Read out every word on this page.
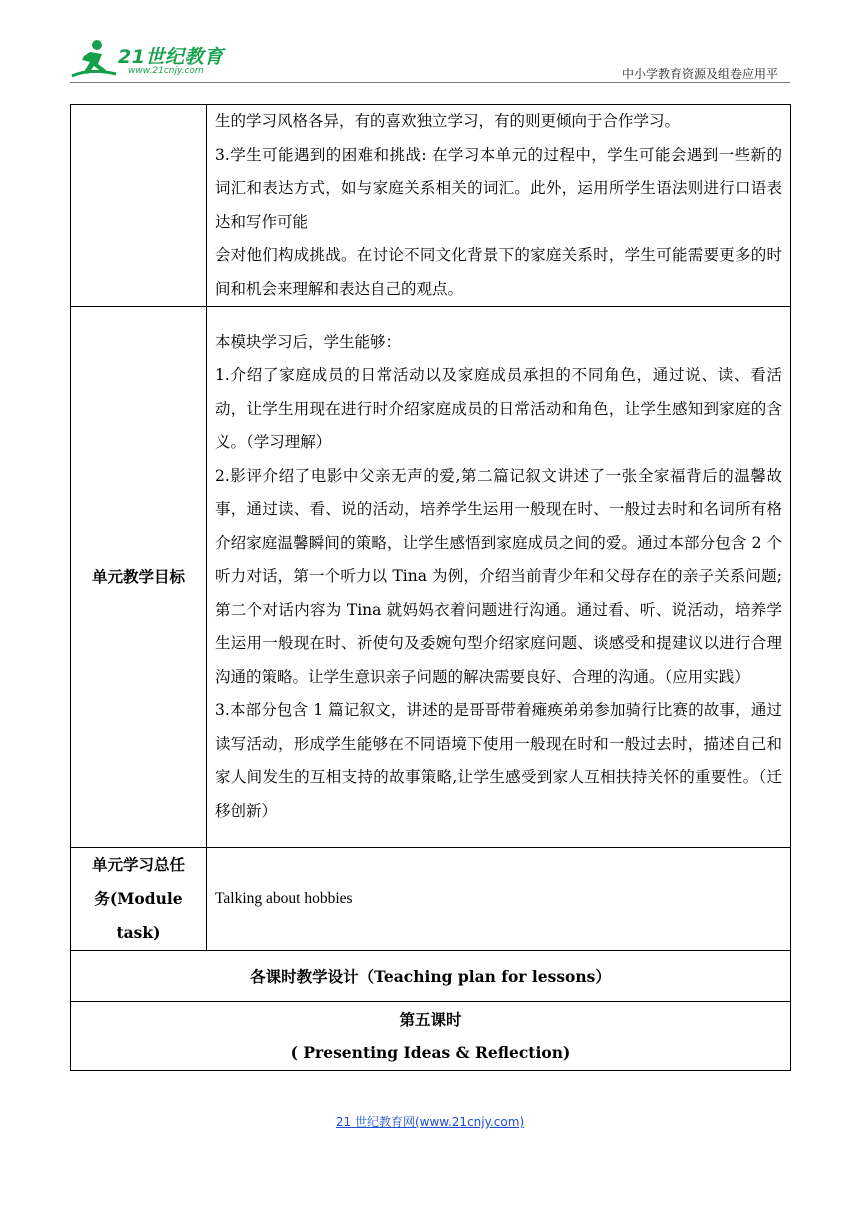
21世纪教育
www.21cnjy.com	中小学教育资源及组卷应用平

	生的学习风格各异，有的喜欢独立学习，有的则更倾向于合作学习。
3.学生可能遇到的困难和挑战: 在学习本单元的过程中，学生可能会遇到一些新的词汇和表达方式，如与家庭关系相关的词汇。此外，运用所学生语法则进行口语表达和写作可能
会对他们构成挑战。在讨论不同文化背景下的家庭关系时，学生可能需要更多的时间和机会来理解和表达自己的观点。

单元教学目标	本模块学习后，学生能够：
1.介绍了家庭成员的日常活动以及家庭成员承担的不同角色，通过说、读、看活动，让学生用现在进行时介绍家庭成员的日常活动和角色，让学生感知到家庭的含义。（学习理解）
2.影评介绍了电影中父亲无声的爱,第二篇记叙文讲述了一张全家福背后的温馨故事，通过读、看、说的活动，培养学生运用一般现在时、一般过去时和名词所有格介绍家庭温馨瞬间的策略，让学生感悟到家庭成员之间的爱。通过本部分包含 2 个听力对话，第一个听力以 Tina 为例，介绍当前青少年和父母存在的亲子关系问题;第二个对话内容为 Tina 就妈妈衣着问题进行沟通。通过看、听、说活动，培养学生运用一般现在时、祈使句及委婉句型介绍家庭问题、谈感受和提建议以进行合理沟通的策略。让学生意识亲子问题的解决需要良好、合理的沟通。（应用实践）
3.本部分包含 1 篇记叙文，讲述的是哥哥带着瘫痪弟弟参加骑行比赛的故事，通过读写活动，形成学生能够在不同语境下使用一般现在时和一般过去时，描述自己和家人间发生的互相支持的故事策略,让学生感受到家人互相扶持关怀的重要性。（迁移创新）

单元学习总任
务(Module
task)	Talking about hobbies
各课时教学设计（Teaching plan for lessons）	

第五课时
( Presenting Ideas & Reflection)	
21 世纪教育网(www.21cnjy.com)
